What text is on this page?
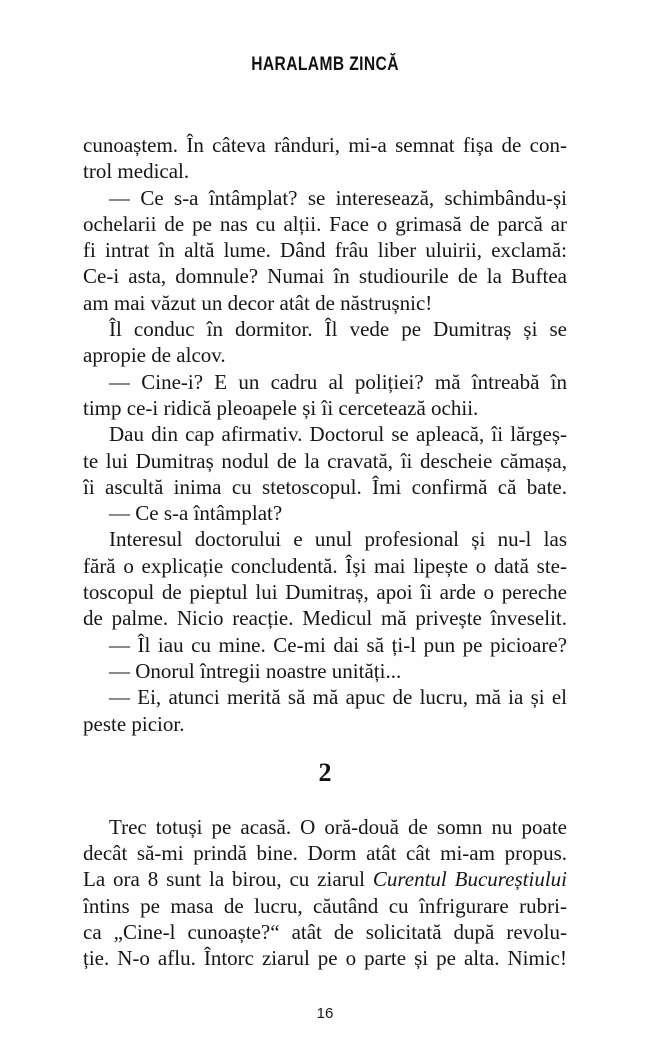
HARALAMB ZINCĂ
cunoaștem. În câteva rânduri, mi-a semnat fișa de con-
trol medical.
— Ce s-a întâmplat? se interesează, schimbându-și
ochelarii de pe nas cu alții. Face o grimasă de parcă ar
fi intrat în altă lume. Dând frâu liber uluirii, exclamă:
Ce-i asta, domnule? Numai în studiourile de la Buftea
am mai văzut un decor atât de năstrușnic!
Îl conduc în dormitor. Îl vede pe Dumitraș și se
apropie de alcov.
— Cine-i? E un cadru al poliției? mă întreabă în
timp ce-i ridică pleoapele și îi cercetează ochii.
Dau din cap afirmativ. Doctorul se apleacă, îi lărgeș-
te lui Dumitraș nodul de la cravată, îi descheie cămașa,
îi ascultă inima cu stetoscopul. Îmi confirmă că bate.
— Ce s-a întâmplat?
Interesul doctorului e unul profesional și nu-l las
fără o explicație concludentă. Își mai lipește o dată ste-
toscopul de pieptul lui Dumitraș, apoi îi arde o pereche
de palme. Nicio reacție. Medicul mă privește înveselit.
— Îl iau cu mine. Ce-mi dai să ți-l pun pe picioare?
— Onorul întregii noastre unități...
— Ei, atunci merită să mă apuc de lucru, mă ia și el
peste picior.
2
Trec totuși pe acasă. O oră-două de somn nu poate
decât să-mi prindă bine. Dorm atât cât mi-am propus.
La ora 8 sunt la birou, cu ziarul Curentul Bucureștiului
întins pe masa de lucru, căutând cu înfrigurare rubri-
ca „Cine-l cunoaște?“ atât de solicitată după revolu-
ție. N-o aflu. Întorc ziarul pe o parte și pe alta. Nimic!
16
